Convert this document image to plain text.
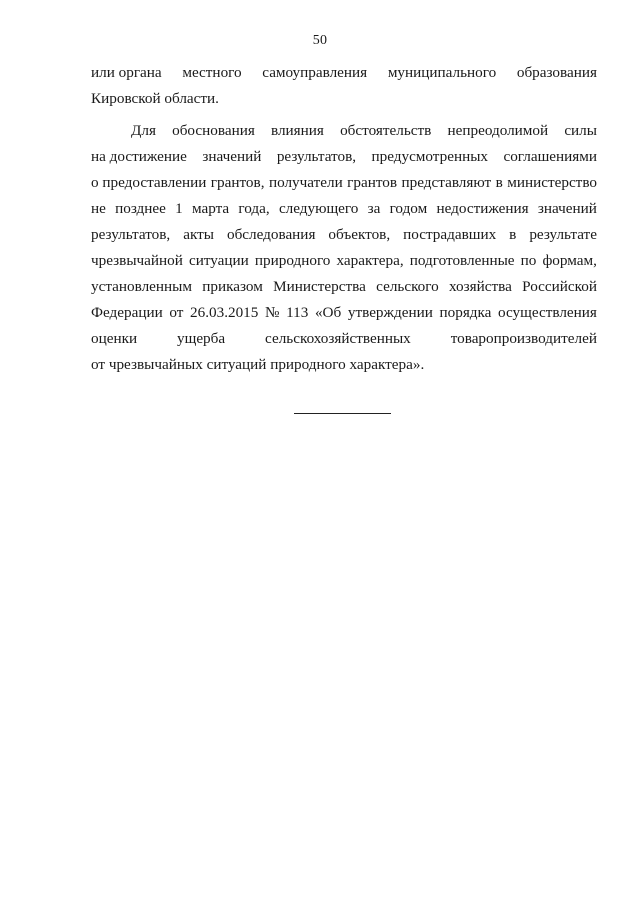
50
или органа местного самоуправления муниципального образования
Кировской области.
Для обоснования влияния обстоятельств непреодолимой силы
на достижение значений результатов, предусмотренных соглашениями
о предоставлении грантов, получатели грантов представляют в министерство
не позднее 1 марта года, следующего за годом недостижения значений
результатов, акты обследования объектов, пострадавших в результате
чрезвычайной ситуации природного характера, подготовленные по формам,
установленным приказом Министерства сельского хозяйства Российской
Федерации от 26.03.2015 № 113 «Об утверждении порядка осуществления
оценки	ущерба	сельскохозяйственных	товаропроизводителей
от чрезвычайных ситуаций природного характера».
